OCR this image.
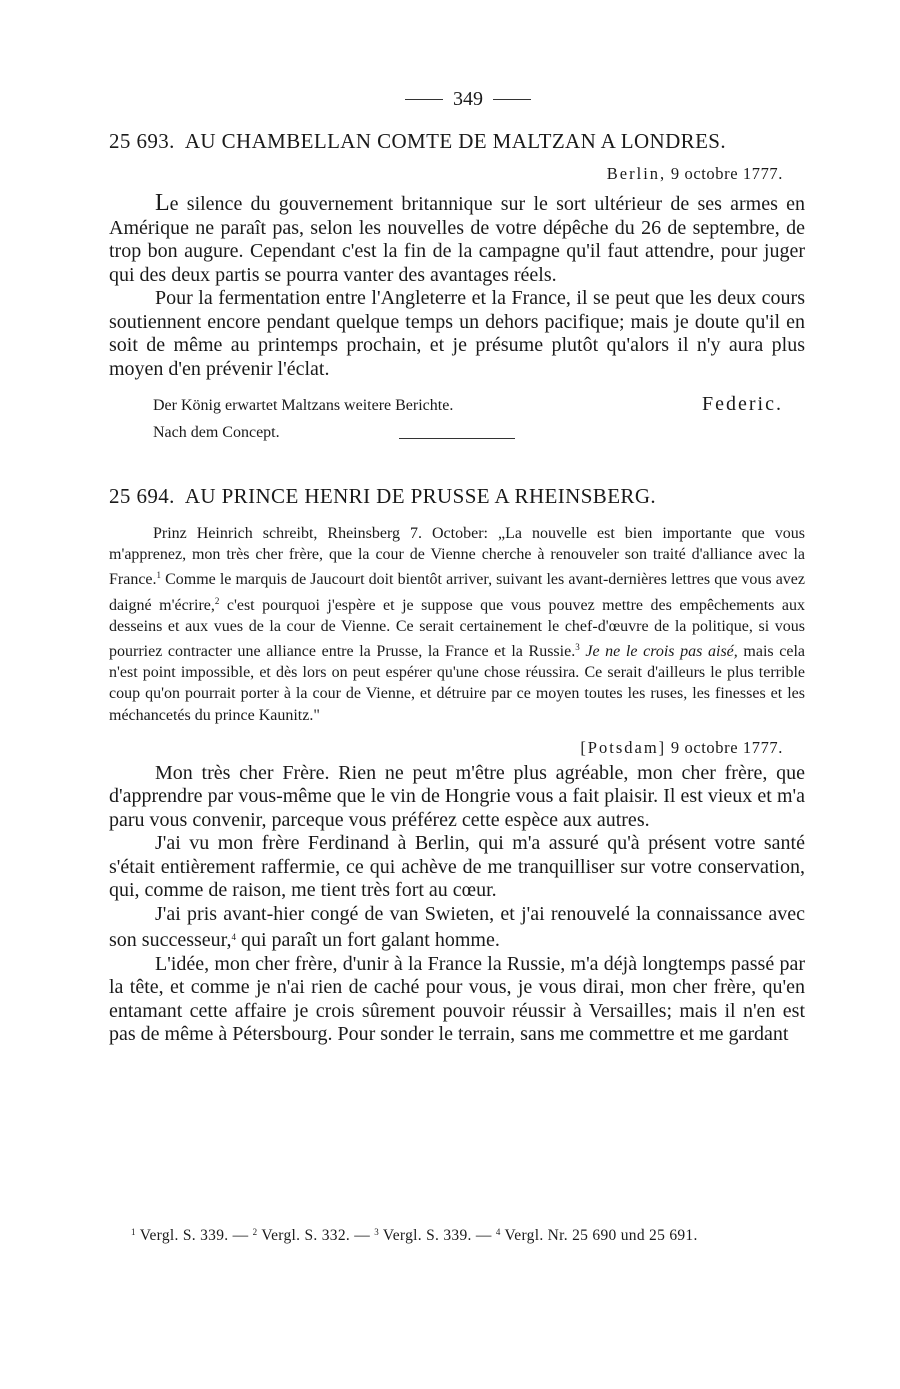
349
25 693. AU CHAMBELLAN COMTE DE MALTZAN A LONDRES.
Berlin, 9 octobre 1777.

Le silence du gouvernement britannique sur le sort ultérieur de ses armes en Amérique ne paraît pas, selon les nouvelles de votre dépêche du 26 de septembre, de trop bon augure. Cependant c'est la fin de la campagne qu'il faut attendre, pour juger qui des deux partis se pourra vanter des avantages réels.

Pour la fermentation entre l'Angleterre et la France, il se peut que les deux cours soutiennent encore pendant quelque temps un dehors pacifique; mais je doute qu'il en soit de même au printemps prochain, et je présume plutôt qu'alors il n'y aura plus moyen d'en prévenir l'éclat.

Der König erwartet Maltzans weitere Berichte.	Federic.
Nach dem Concept.
25 694. AU PRINCE HENRI DE PRUSSE A RHEINSBERG.

Prinz Heinrich schreibt, Rheinsberg 7. October: „La nouvelle est bien importante que vous m'apprenez, mon très cher frère, que la cour de Vienne cherche à renouveler son traité d'alliance avec la France.$^1$ Comme le marquis de Jaucourt doit bientôt arriver, suivant les avant-dernières lettres que vous avez daigné m'écrire,$^2$ c'est pourquoi j'espère et je suppose que vous pouvez mettre des empêchements aux desseins et aux vues de la cour de Vienne. Ce serait certainement le chef-d'œuvre de la politique, si vous pourriez contracter une alliance entre la Prusse, la France et la Russie.$^3$ Je ne le crois pas aisé, mais cela n'est point impossible, et dès lors on peut espérer qu'une chose réussira. Ce serait d'ailleurs le plus terrible coup qu'on pourrait porter à la cour de Vienne, et détruire par ce moyen toutes les ruses, les finesses et les méchancetés du prince Kaunitz."

[Potsdam] 9 octobre 1777.

Mon très cher Frère. Rien ne peut m'être plus agréable, mon cher frère, que d'apprendre par vous-même que le vin de Hongrie vous a fait plaisir. Il est vieux et m'a paru vous convenir, parceque vous préférez cette espèce aux autres.

J'ai vu mon frère Ferdinand à Berlin, qui m'a assuré qu'à présent votre santé s'était entièrement raffermie, ce qui achève de me tranquilliser sur votre conservation, qui, comme de raison, me tient très fort au cœur.

J'ai pris avant-hier congé de van Swieten, et j'ai renouvelé la connaissance avec son successeur,$^4$ qui paraît un fort galant homme.

L'idée, mon cher frère, d'unir à la France la Russie, m'a déjà longtemps passé par la tête, et comme je n'ai rien de caché pour vous, je vous dirai, mon cher frère, qu'en entamant cette affaire je crois sûrement pouvoir réussir à Versailles; mais il n'en est pas de même à Pétersbourg. Pour sonder le terrain, sans me commettre et me gardant

$^1$ Vergl. S. 339. — $^2$ Vergl. S. 332. — $^3$ Vergl. S. 339. — $^4$ Vergl. Nr. 25 690 und 25 691.
